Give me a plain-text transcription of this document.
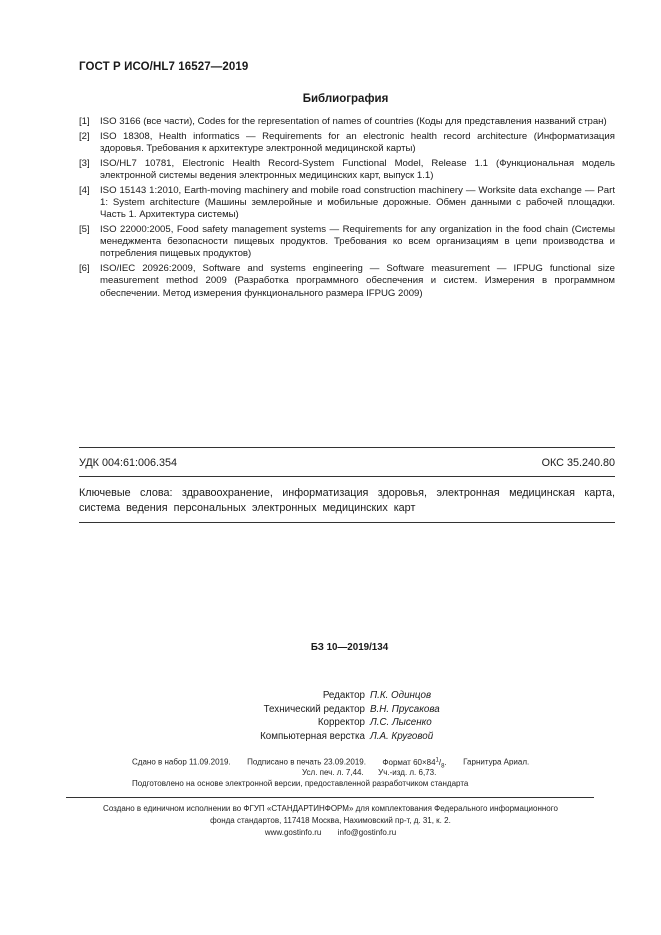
ГОСТ Р ИСО/HL7 16527—2019
Библиография
[1]	ISO 3166 (все части), Codes for the representation of names of countries (Коды для представления названий стран)
[2]	ISO 18308, Health informatics — Requirements for an electronic health record architecture (Информатизация здоровья. Требования к архитектуре электронной медицинской карты)
[3]	ISO/HL7 10781, Electronic Health Record-System Functional Model, Release 1.1 (Функциональная модель электронной системы ведения электронных медицинских карт, выпуск 1.1)
[4]	ISO 15143 1:2010, Earth-moving machinery and mobile road construction machinery — Worksite data exchange — Part 1: System architecture (Машины землеройные и мобильные дорожные. Обмен данными с рабочей площадки. Часть 1. Архитектура системы)
[5]	ISO 22000:2005, Food safety management systems — Requirements for any organization in the food chain (Системы менеджмента безопасности пищевых продуктов. Требования ко всем организациям в цепи производства и потребления пищевых продуктов)
[6]	ISO/IEC 20926:2009, Software and systems engineering — Software measurement — IFPUG functional size measurement method 2009 (Разработка программного обеспечения и систем. Измерения в программном обеспечении. Метод измерения функционального размера IFPUG 2009)
УДК 004:61:006.354	ОКС 35.240.80
Ключевые слова: здравоохранение, информатизация здоровья, электронная медицинская карта, система ведения персональных электронных медицинских карт
БЗ 10—2019/134
Редактор П.К. Одинцов
Технический редактор В.Н. Прусакова
Корректор Л.С. Лысенко
Компьютерная верстка Л.А. Круговой
Сдано в набор 11.09.2019. Подписано в печать 23.09.2019. Формат $60\times 84^1/_8$. Гарнитура Ариал.
Усл. печ. л. 7,44. Уч.-изд. л. 6,73.
Подготовлено на основе электронной версии, предоставленной разработчиком стандарта
Создано в единичном исполнении во ФГУП «СТАНДАРТИНФОРМ» для комплектования Федерального информационного
фонда стандартов, 117418 Москва, Нахимовский пр-т, д. 31, к. 2.
www.gostinfo.ru info@gostinfo.ru
